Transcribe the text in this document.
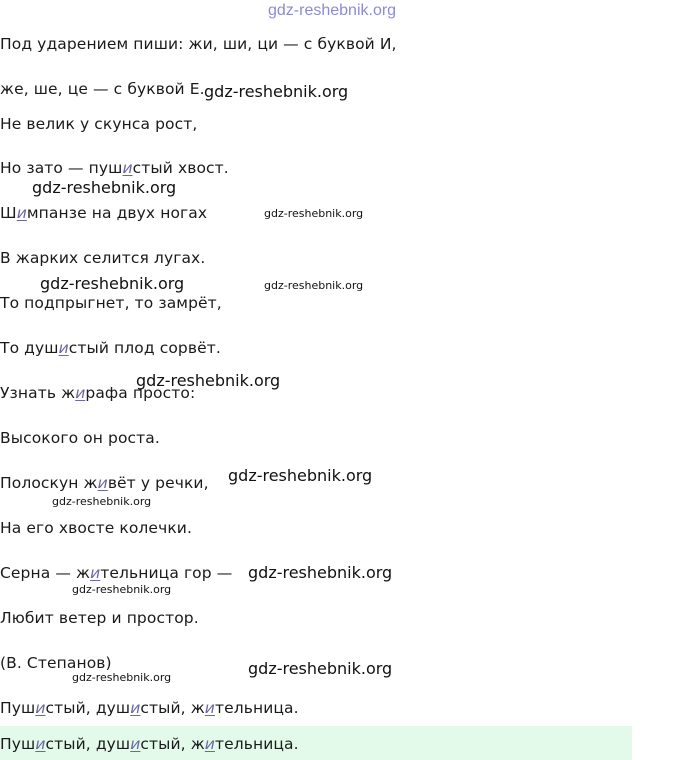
Под ударением пиши: жи, ши, ци — с буквой И,
же, ше, це — с буквой Е.
Не велик у скунса рост,
Но зато — пушистый хвост.
Шимпанзе на двух ногах
В жарких селится лугах.
То подпрыгнет, то замрёт,
То душистый плод сорвёт.
Узнать жирафа просто:
Высокого он роста.
Полоскун живёт у речки,
На его хвосте колечки.
Серна — жительница гор —
Любит ветер и простор.
(В. Степанов)
Пушистый, душистый, жительница.
Пушистый, душистый, жительница.
gdz-reshebnik.org
gdz-reshebnik.org
gdz-reshebnik.org
gdz-reshebnik.org
gdz-reshebnik.org	gdz-reshebnik.org
gdz-reshebnik.org
gdz-reshebnik.org
gdz-reshebnik.org
gdz-reshebnik.org
gdz-reshebnik.org
gdz-reshebnik.org
gdz-reshebnik.org
